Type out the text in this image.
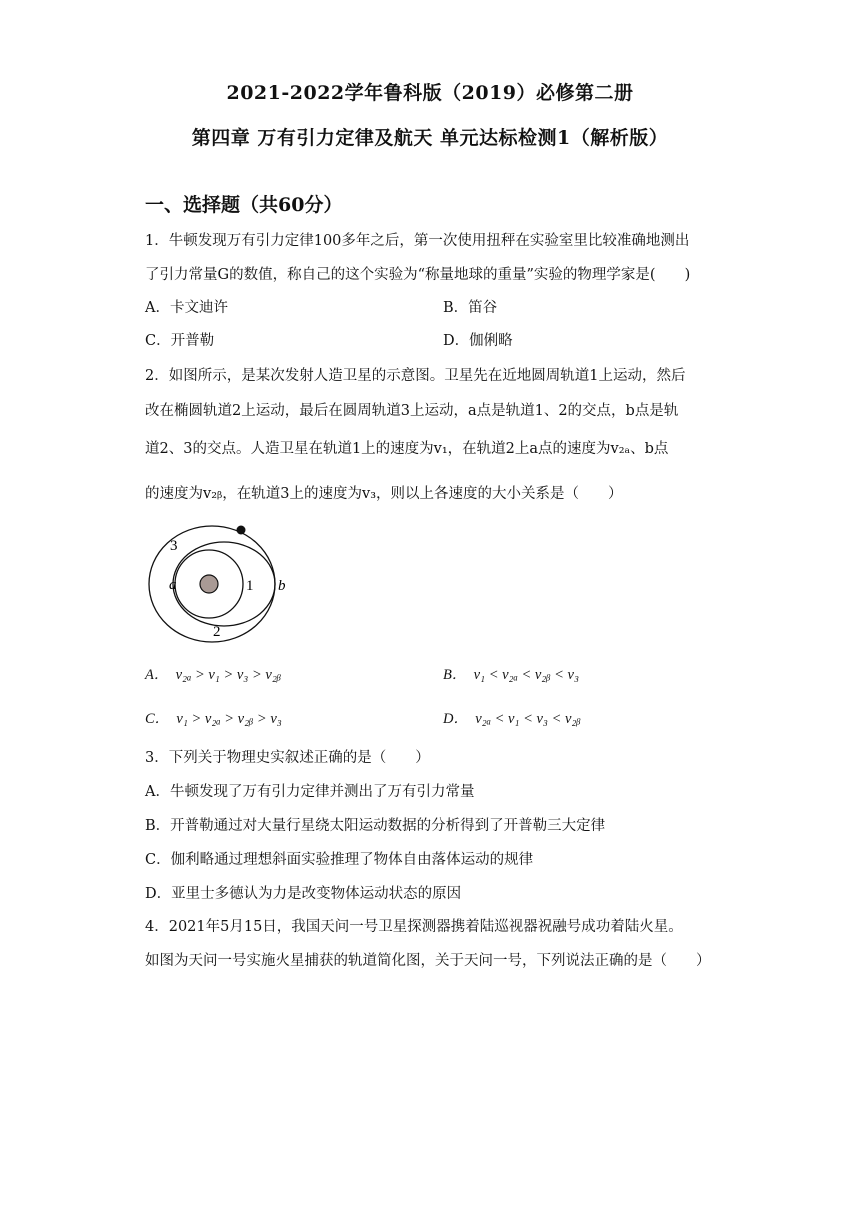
2021-2022学年鲁科版（2019）必修第二册
第四章 万有引力定律及航天 单元达标检测1（解析版）
一、选择题（共60分）
1．牛顿发现万有引力定律100多年之后，第一次使用扭秤在实验室里比较准确地测出
了引力常量G的数值，称自己的这个实验为“称量地球的重量”实验的物理学家是(　　)
A．卡文迪许	B．笛谷
C．开普勒	D．伽俐略
2．如图所示，是某次发射人造卫星的示意图。卫星先在近地圆周轨道1上运动，然后
改在椭圆轨道2上运动，最后在圆周轨道3上运动，a点是轨道1、2的交点，b点是轨
道2、3的交点。人造卫星在轨道1上的速度为v₁，在轨道2上a点的速度为v₂ₐ、b点
的速度为v₂ᵦ，在轨道3上的速度为v₃，则以上各速度的大小关系是（　　）
3
1
2
a	b
A．　v₂ₐ > v₁ > v₃ > v₂ᵦ	B．　v₁ < v₂ₐ < v₂ᵦ < v₃
C．　v₁ > v₂ₐ > v₂ᵦ > v₃	D．　v₂ₐ < v₁ < v₃ < v₂ᵦ
3．下列关于物理史实叙述正确的是（　　）
A．牛顿发现了万有引力定律并测出了万有引力常量
B．开普勒通过对大量行星绕太阳运动数据的分析得到了开普勒三大定律
C．伽利略通过理想斜面实验推理了物体自由落体运动的规律
D．亚里士多德认为力是改变物体运动状态的原因
4．2021年5月15日，我国天问一号卫星探测器携着陆巡视器祝融号成功着陆火星。
如图为天问一号实施火星捕获的轨道简化图，关于天问一号，下列说法正确的是（　　）
